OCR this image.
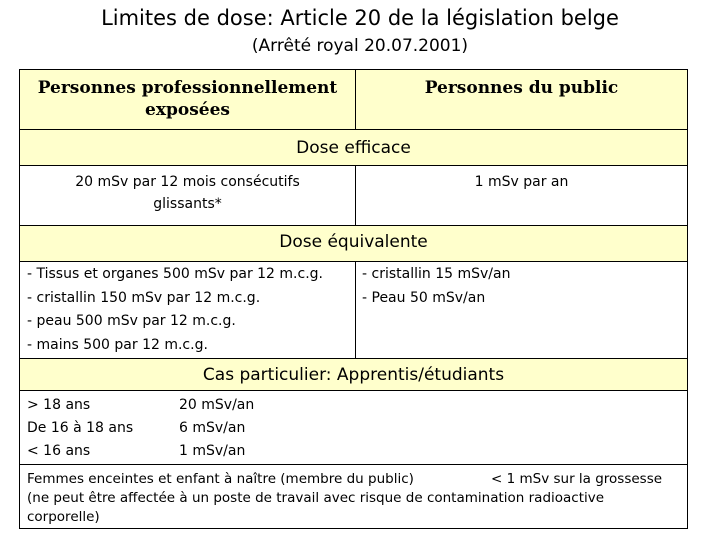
Limites de dose: Article 20 de la législation belge
(Arrêté royal 20.07.2001)
Personnes professionnellement
exposées
Personnes du public
Dose efficace
20 mSv par 12 mois consécutifs
glissants*
1 mSv par an
Dose équivalente
- Tissus et organes 500 mSv par 12 m.c.g.
- cristallin 150 mSv par 12 m.c.g.
- peau 500 mSv par 12 m.c.g.
- mains 500 par 12 m.c.g.
- cristallin 15 mSv/an
- Peau 50 mSv/an
Cas particulier: Apprentis/étudiants
> 18 ans
De 16 à 18 ans
< 16 ans
20 mSv/an
6 mSv/an
1 mSv/an
Femmes enceintes et enfant à naître (membre du public)
(ne peut être affectée à un poste de travail avec risque de contamination radioactive
corporelle)
< 1 mSv sur la grossesse
